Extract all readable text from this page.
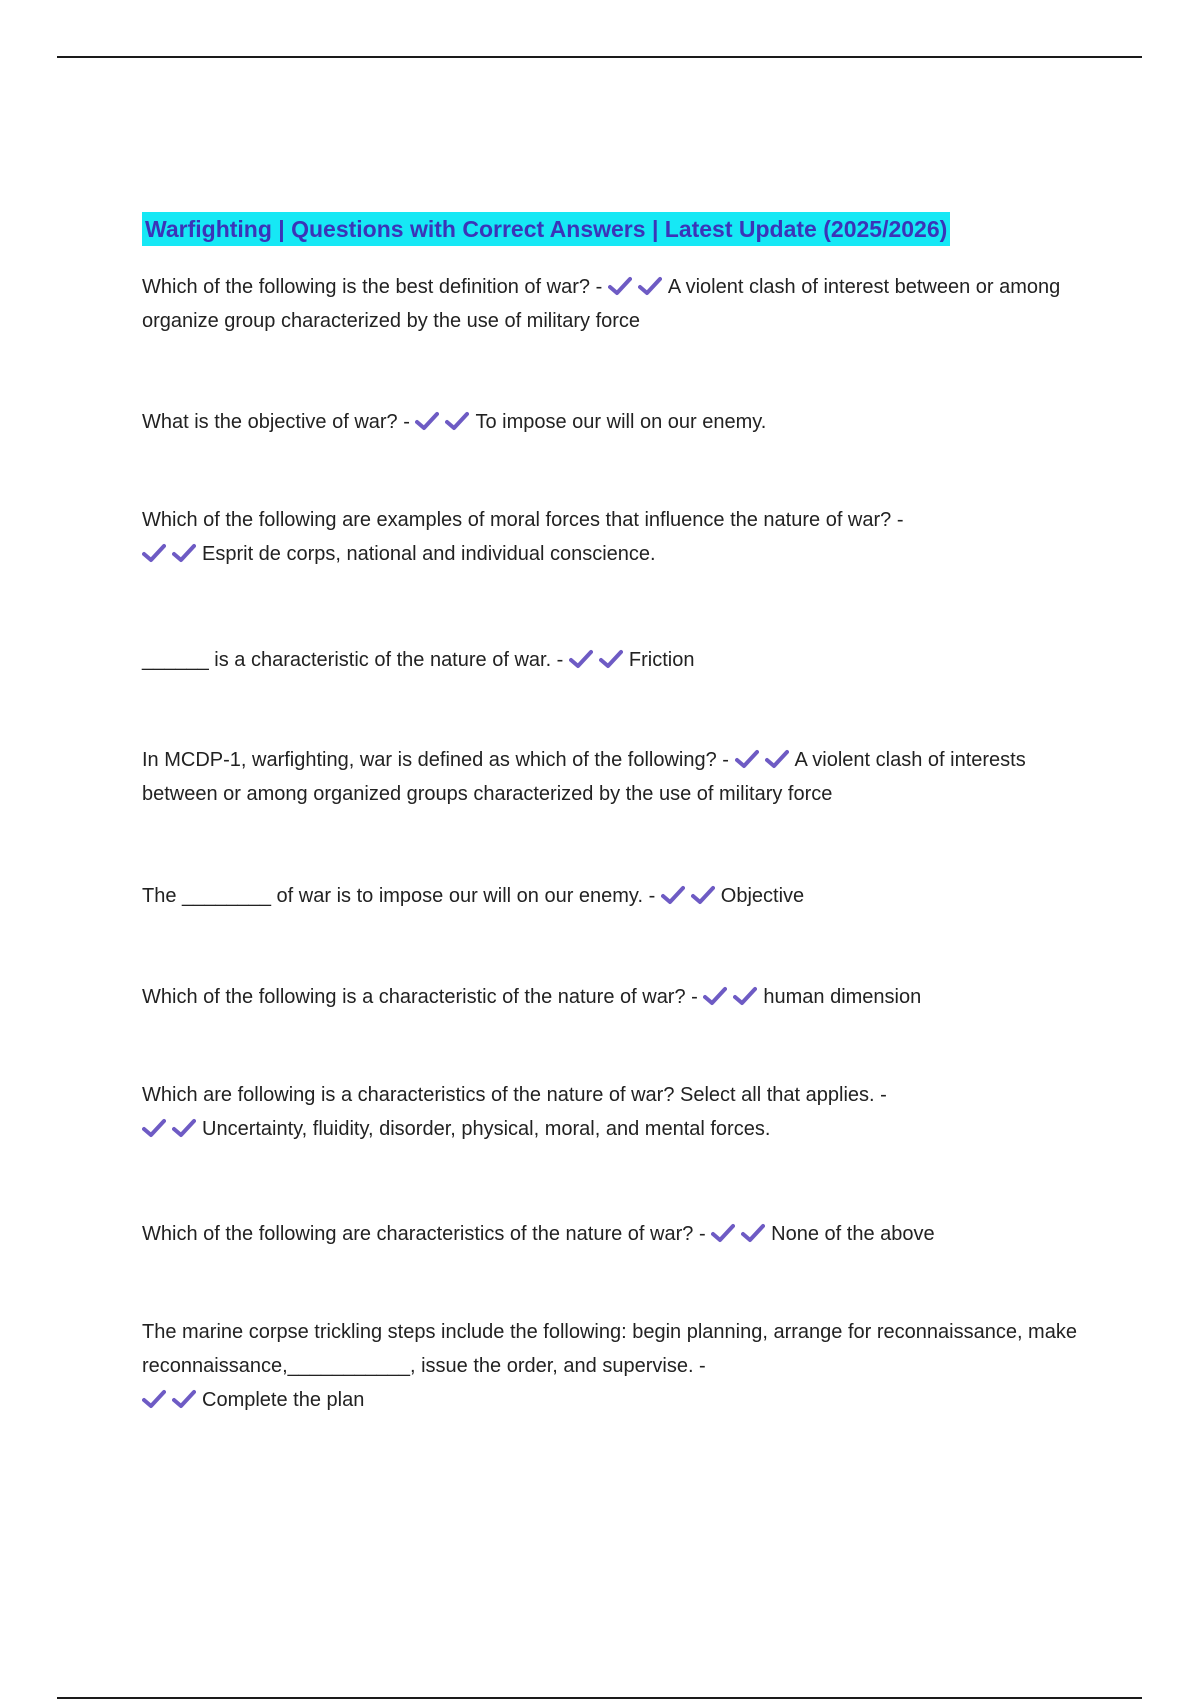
Warfighting | Questions with Correct Answers | Latest Update (2025/2026)
Which of the following is the best definition of war? -	A violent clash of interest between or among organize group characterized by the use of military force
What is the objective of war? -	To impose our will on our enemy.
Which of the following are examples of moral forces that influence the nature of war? -

Esprit de corps, national and individual conscience.
______ is a characteristic of the nature of war. -	Friction
In MCDP-1, warfighting, war is defined as which of the following? -	A violent clash of interests between or among organized groups characterized by the use of military force
The ________ of war is to impose our will on our enemy. -	Objective
Which of the following is a characteristic of the nature of war? -	human dimension
Which are following is a characteristics of the nature of war? Select all that applies. -

Uncertainty, fluidity, disorder, physical, moral, and mental forces.
Which of the following are characteristics of the nature of war? -	None of the above
The marine corpse trickling steps include the following: begin planning, arrange for reconnaissance, make reconnaissance,___________, issue the order, and supervise. -

Complete the plan
